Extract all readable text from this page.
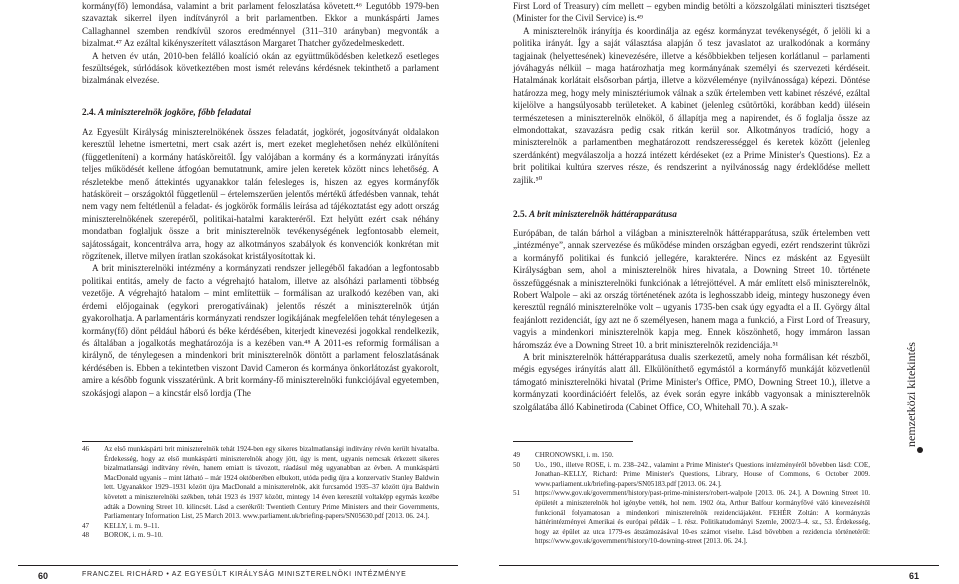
kormány(fő) lemondása, valamint a brit parlament feloszlatása követett.⁴⁶ Legutóbb 1979-ben szavaztak sikerrel ilyen indítványról a brit parlamentben. Ekkor a munkáspárti James Callaghannel szemben rendkívül szoros eredménnyel (311–310 arányban) megvonták a bizalmat.⁴⁷ Az ezáltal kikényszerített választáson Margaret Thatcher győzedelmeskedett.

A hetven év után, 2010-ben felálló koalíció okán az együttműködésben keletkező esetleges feszültségek, súrlódások következtében most ismét releváns kérdésnek tekinthető a parlament bizalmának elvezése.

2.4. A miniszterelnök jogköre, főbb feladatai

Az Egyesült Királyság miniszterelnökének összes feladatát, jogkörét, jogosítványát oldalakon keresztül lehetne ismertetni, mert csak azért is, mert ezeket meglehetősen nehéz elkülöníteni (függetleníteni) a kormány hatásköreitől. Így valójában a kormány és a kormányzati irányítás teljes működését kellene átfogóan bemutatnunk, amire jelen keretek között nincs lehetőség. A részletekbe menő áttekintés ugyanakkor talán felesleges is, hiszen az egyes kormányfők hatásköreit – országoktól függetlenül – értelemszerűen jelentős mértékű átfedésben vannak, tehát nem vagy nem feltétlenül a feladat- és jogkörök formális leírása ad tájékoztatást egy adott ország miniszterelnökének szerepéről, politikai-hatalmi karakteréről. Ezt helyütt ezért csak néhány mondatban foglaljuk össze a brit miniszterelnök tevékenységének legfontosabb elemeit, sajátosságait, koncentrálva arra, hogy az alkotmányos szabályok és konvenciók konkrétan mit rögzítenek, illetve milyen íratlan szokásokat kristályosítottak ki.

A brit miniszterelnöki intézmény a kormányzati rendszer jellegéből fakadóan a legfontosabb politikai entitás, amely de facto a végrehajtó hatalom, illetve az alsóházi parlamenti többség vezetője. A végrehajtó hatalom – mint említettük – formálisan az uralkodó kezében van, aki érdemi előjogainak (egykori prerogatíváinak) jelentős részét a miniszterelnök útján gyakorolhatja. A parlamentáris kormányzati rendszer logikájának megfelelően tehát ténylegesen a kormány(fő) dönt például háború és béke kérdésében, kiterjedt kinevezési jogokkal rendelkezik, és általában a jogalkotás meghatározója is a kezében van.⁴⁸ A 2011-es reformig formálisan a királynő, de ténylegesen a mindenkori brit miniszterelnök döntött a parlament feloszlatásának kérdésében is. Ebben a tekintetben viszont David Cameron és kormánya önkorlátozást gyakorolt, amire a később fogunk visszatérünk. A brit kormány-fő miniszterelnöki funkciójával egyetemben, szokásjogi alapon – a kincstár első lordja (The

46	Az első munkáspárti brit miniszterelnök tehát 1924-ben egy sikeres bizalmatlansági indítvány révén került hivatalba. Érdekesség, hogy az első munkáspárti miniszterelnök ahogy jött, úgy is ment, ugyanis nemcsak érkezett sikeres bizalmatlansági indítvány révén, hanem emiatt is távozott, ráadásul még ugyanabban az évben. A munkáspárti MacDonald ugyanis – mint látható – már 1924 októberében elbukott, utóda pedig újra a konzervatív Stanley Baldwin lett. Ugyanakkor 1929–1931 között újra MacDonald a miniszterelnök, akit furcsamód 1935–37 között újra Baldwin követett a miniszterelnöki székben, tehát 1923 és 1937 között, mintegy 14 éven keresztül voltaképp egymás kezébe adták a Downing Street 10. kilincsét. Lásd a cserékről: Twentieth Century Prime Ministers and their Governments, Parliamentary Information List, 25 March 2013. www.parliament.uk/briefing-papers/SN05630.pdf [2013. 06. 24.].

47	KELLY, i. m. 9–11.

48	BOROK, i. m. 9–10.

60	FRANCZEL RICHÁRD • AZ EGYESÜLT KIRÁLYSÁG MINISZTERELNÖKI INTÉZMÉNYE

First Lord of Treasury) cím mellett – egyben mindig betölti a közszolgálati miniszteri tisztséget (Minister for the Civil Service) is.⁴⁹

A miniszterelnök irányítja és koordinálja az egész kormányzat tevékenységét, ő jelöli ki a politika irányát. Így a saját választása alapján ő tesz javaslatot az uralkodónak a kormány tagjainak (helyettesének) kinevezésére, illetve a későbbiekben teljesen korlátlanul – parlamenti jóváhagyás nélkül – maga határozhatja meg kormányának személyi és szervezeti kérdéseit. Hatalmának korlátait elsősorban pártja, illetve a közvéleménye (nyilvánossága) képezi. Döntése határozza meg, hogy mely minisztériumok válnak a szűk értelemben vett kabinet részévé, ezáltal kijelölve a hangsúlyosabb területeket. A kabinet (jelenleg csütörtöki, korábban kedd) ülésein természetesen a miniszterelnök elnököl, ő állapítja meg a napirendet, és ő foglalja össze az elmondottakat, szavazásra pedig csak ritkán kerül sor. Alkotmányos tradíció, hogy a miniszterelnök a parlamentben meghatározott rendszerességgel és keretek között (jelenleg szerdánként) megválaszolja a hozzá intézett kérdéseket (ez a Prime Minister's Questions). Ez a brit politikai kultúra szerves része, és rendszerint a nyilvánosság nagy érdeklődése mellett zajlik.⁵⁰

2.5. A brit miniszterelnök háttérapparátusa

Európában, de talán bárhol a világban a miniszterelnök háttérapparátusa, szűk értelemben vett „intézménye”, annak szervezése és működése minden országban egyedi, ezért rendszerint tükrözi a kormányfő politikai és funkció jellegére, karakterére. Nincs ez másként az Egyesült Királyságban sem, ahol a miniszterelnök hires hivatala, a Downing Street 10. története összefüggésnak a miniszterelnöki funkciónak a létrejöttével. A már említett első miniszterelnök, Robert Walpole – aki az ország történetének azóta is leghosszabb ideig, mintegy huszonegy éven keresztül regnáló miniszterelnöke volt – ugyanis 1735-ben csak úgy egyadta el a II. György által feajánlott rezidenciát, így azt ne ő személyesen, hanem maga a funkció, a First Lord of Treasury, vagyis a mindenkori miniszterelnök kapja meg. Ennek köszönhető, hogy immáron lassan háromszáz éve a Downing Street 10. a brit miniszterelnök rezidenciája.⁵¹

A brit miniszterelnök háttérapparátusa dualis szerkezetű, amely noha formálisan két részből, mégis egységes irányítás alatt áll. Elkülöníthető egymástól a kormányfő munkáját közvetlenül támogató miniszterelnöki hivatal (Prime Minister's Office, PMO, Downing Street 10.), illetve a kormányzati koordinációért felelős, az évek során egyre inkább vagyonsak a miniszterelnök szolgálatába álló Kabinetiroda (Cabinet Office, CO, Whitehall 70.). A szak-

49	CHRONOWSKI, i. m. 150.

50	Uo., 190., illetve ROSE, i. m. 238–242., valamint a Prime Minister's Questions intézményéről bővebben lásd: COE, Jonathan–KELLY, Richard: Prime Minister's Questions, Library, House of Commons, 6 October 2009. www.parliament.uk/briefing-papers/SN05183.pdf [2013. 06. 24.].

51	https://www.gov.uk/government/history/past-prime-ministers/robert-walpole [2013. 06. 24.]. A Downing Street 10. épületét a miniszterelnök hol igénybe vették, hol nem. 1902 óta, Arthur Balfour kormányfővé váló kinevezésétől funkcionál folyamatosan a mindenkori miniszterelnök rezidenciájaként. FEHÉR Zoltán: A kormányzás háttérintézményei Amerikai és európai példák – I. rész. Politikatudományi Szemle, 2002/3–4. sz., 53. Érdekesség, hogy az épület az utca 1779-es átszámozásával 10-es számot viselte. Lásd bővebben a rezidencia történetéről: https://www.gov.uk/government/history/10-downing-street [2013. 06. 24.].

nemzetközi kitekintés
61
